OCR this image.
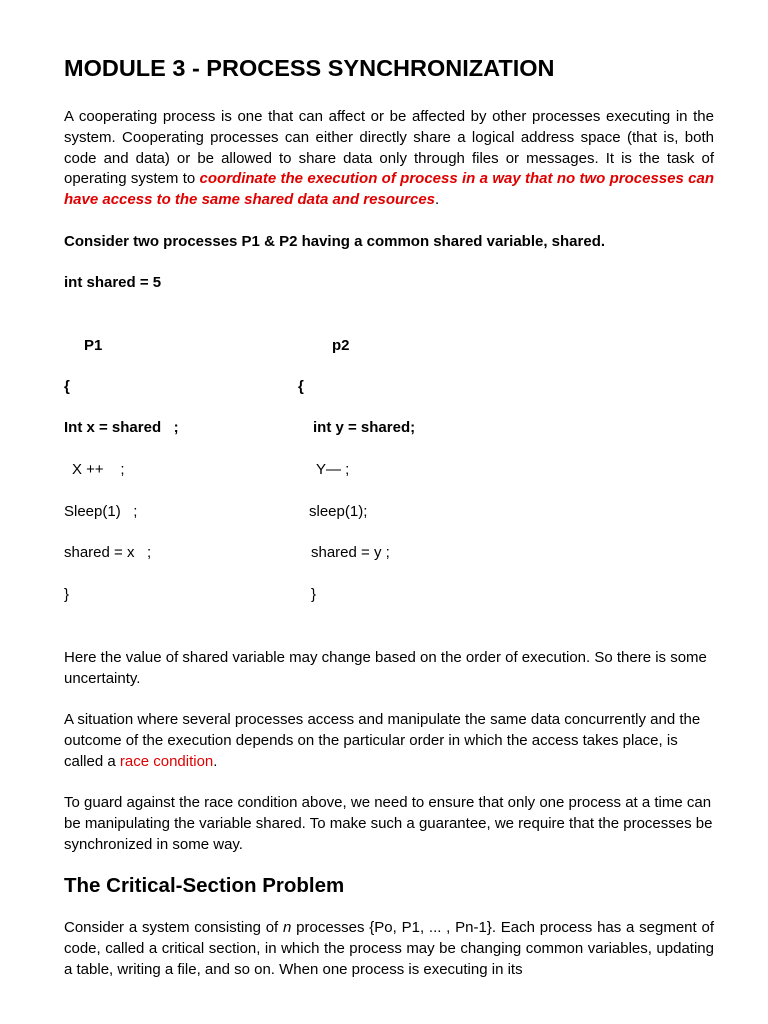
MODULE 3 - PROCESS SYNCHRONIZATION
A cooperating process is one that can affect or be affected by other processes executing in the system. Cooperating processes can either directly share a logical address space (that is, both code and data) or be allowed to share data only through files or messages. It is the task of operating system to coordinate the execution of process in a way that no two processes can have access to the same shared data and resources.
Consider two processes P1 & P2 having a common shared variable, shared.
int shared = 5
P1
{
Int x = shared   ;
X ++    ;
Sleep(1)   ;
shared = x   ;
}
p2
{
int y = shared;
Y— ;
sleep(1);
shared = y ;
}
Here the value of shared variable may change based on the order of execution. So there is some uncertainty.
A situation where several processes access and manipulate the same data concurrently and the outcome of the execution depends on the particular order in which the access takes place, is called a race condition.
To guard against the race condition above, we need to ensure that only one process at a time can be manipulating the variable shared. To make such a guarantee, we require that the processes be synchronized in some way.
The Critical-Section Problem
Consider a system consisting of n processes {Po, P1, ... , Pn-1}. Each process has a segment of code, called a critical section, in which the process may be changing common variables, updating a table, writing a file, and so on. When one process is executing in its
